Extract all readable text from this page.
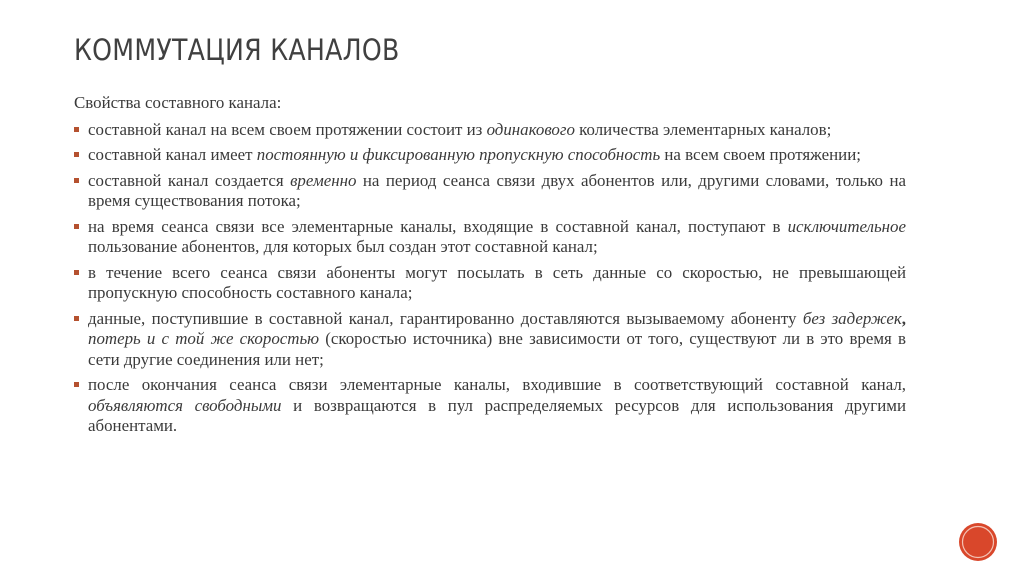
КОММУТАЦИЯ КАНАЛОВ

Свойства составного канала:

составной канал на всем своем протяжении состоит из одинакового количества элементарных каналов;
составной канал имеет постоянную и фиксированную пропускную способность на всем своем протяжении;
составной канал создается временно на период сеанса связи двух абонентов или, другими словами, только на время существования потока;
на время сеанса связи все элементарные каналы, входящие в составной канал, поступают в исключительное пользование абонентов, для которых был создан этот составной канал;
в течение всего сеанса связи абоненты могут посылать в сеть данные со скоростью, не превышающей пропускную способность составного канала;
данные, поступившие в составной канал, гарантированно доставляются вызываемому абоненту без задержек, потерь и с той же скоростью (скоростью источника) вне зависимости от того, существуют ли в это время в сети другие соединения или нет;
после окончания сеанса связи элементарные каналы, входившие в соответствующий составной канал, объявляются свободными и возвращаются в пул распределяемых ресурсов для использования другими абонентами.
